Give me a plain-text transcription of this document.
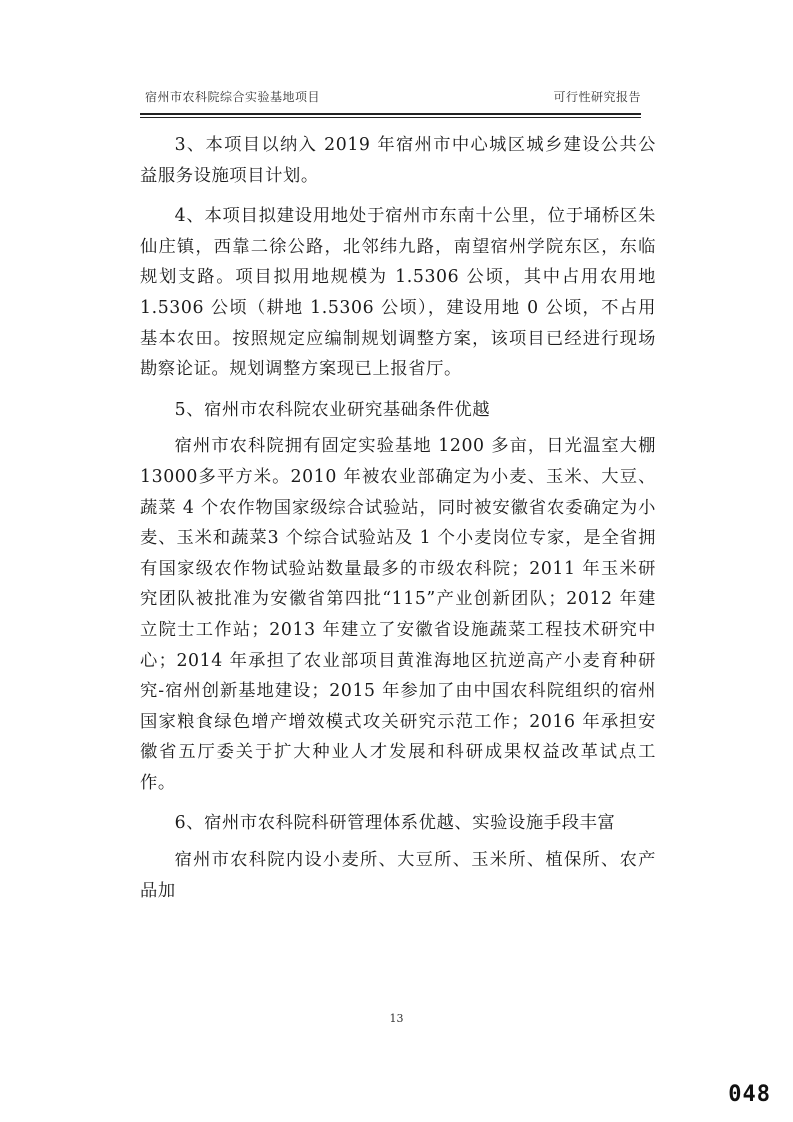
宿州市农科院综合实验基地项目	可行性研究报告

3、本项目以纳入 2019 年宿州市中心城区城乡建设公共公益服务设施项目计划。

4、本项目拟建设用地处于宿州市东南十公里，位于埇桥区朱仙庄镇，西靠二徐公路，北邻纬九路，南望宿州学院东区，东临规划支路。项目拟用地规模为 1.5306 公顷，其中占用农用地 1.5306 公顷（耕地 1.5306 公顷），建设用地 0 公顷，不占用基本农田。按照规定应编制规划调整方案，该项目已经进行现场勘察论证。规划调整方案现已上报省厅。

5、宿州市农科院农业研究基础条件优越

宿州市农科院拥有固定实验基地 1200 多亩，日光温室大棚 13000多平方米。2010 年被农业部确定为小麦、玉米、大豆、蔬菜 4 个农作物国家级综合试验站，同时被安徽省农委确定为小麦、玉米和蔬菜3 个综合试验站及 1 个小麦岗位专家，是全省拥有国家级农作物试验站数量最多的市级农科院；2011 年玉米研究团队被批准为安徽省第四批“115”产业创新团队；2012 年建立院士工作站；2013 年建立了安徽省设施蔬菜工程技术研究中心；2014 年承担了农业部项目黄淮海地区抗逆高产小麦育种研究-宿州创新基地建设；2015 年参加了由中国农科院组织的宿州国家粮食绿色增产增效模式攻关研究示范工作；2016 年承担安徽省五厅委关于扩大种业人才发展和科研成果权益改革试点工作。

6、宿州市农科院科研管理体系优越、实验设施手段丰富

宿州市农科院内设小麦所、大豆所、玉米所、植保所、农产品加

13
048
